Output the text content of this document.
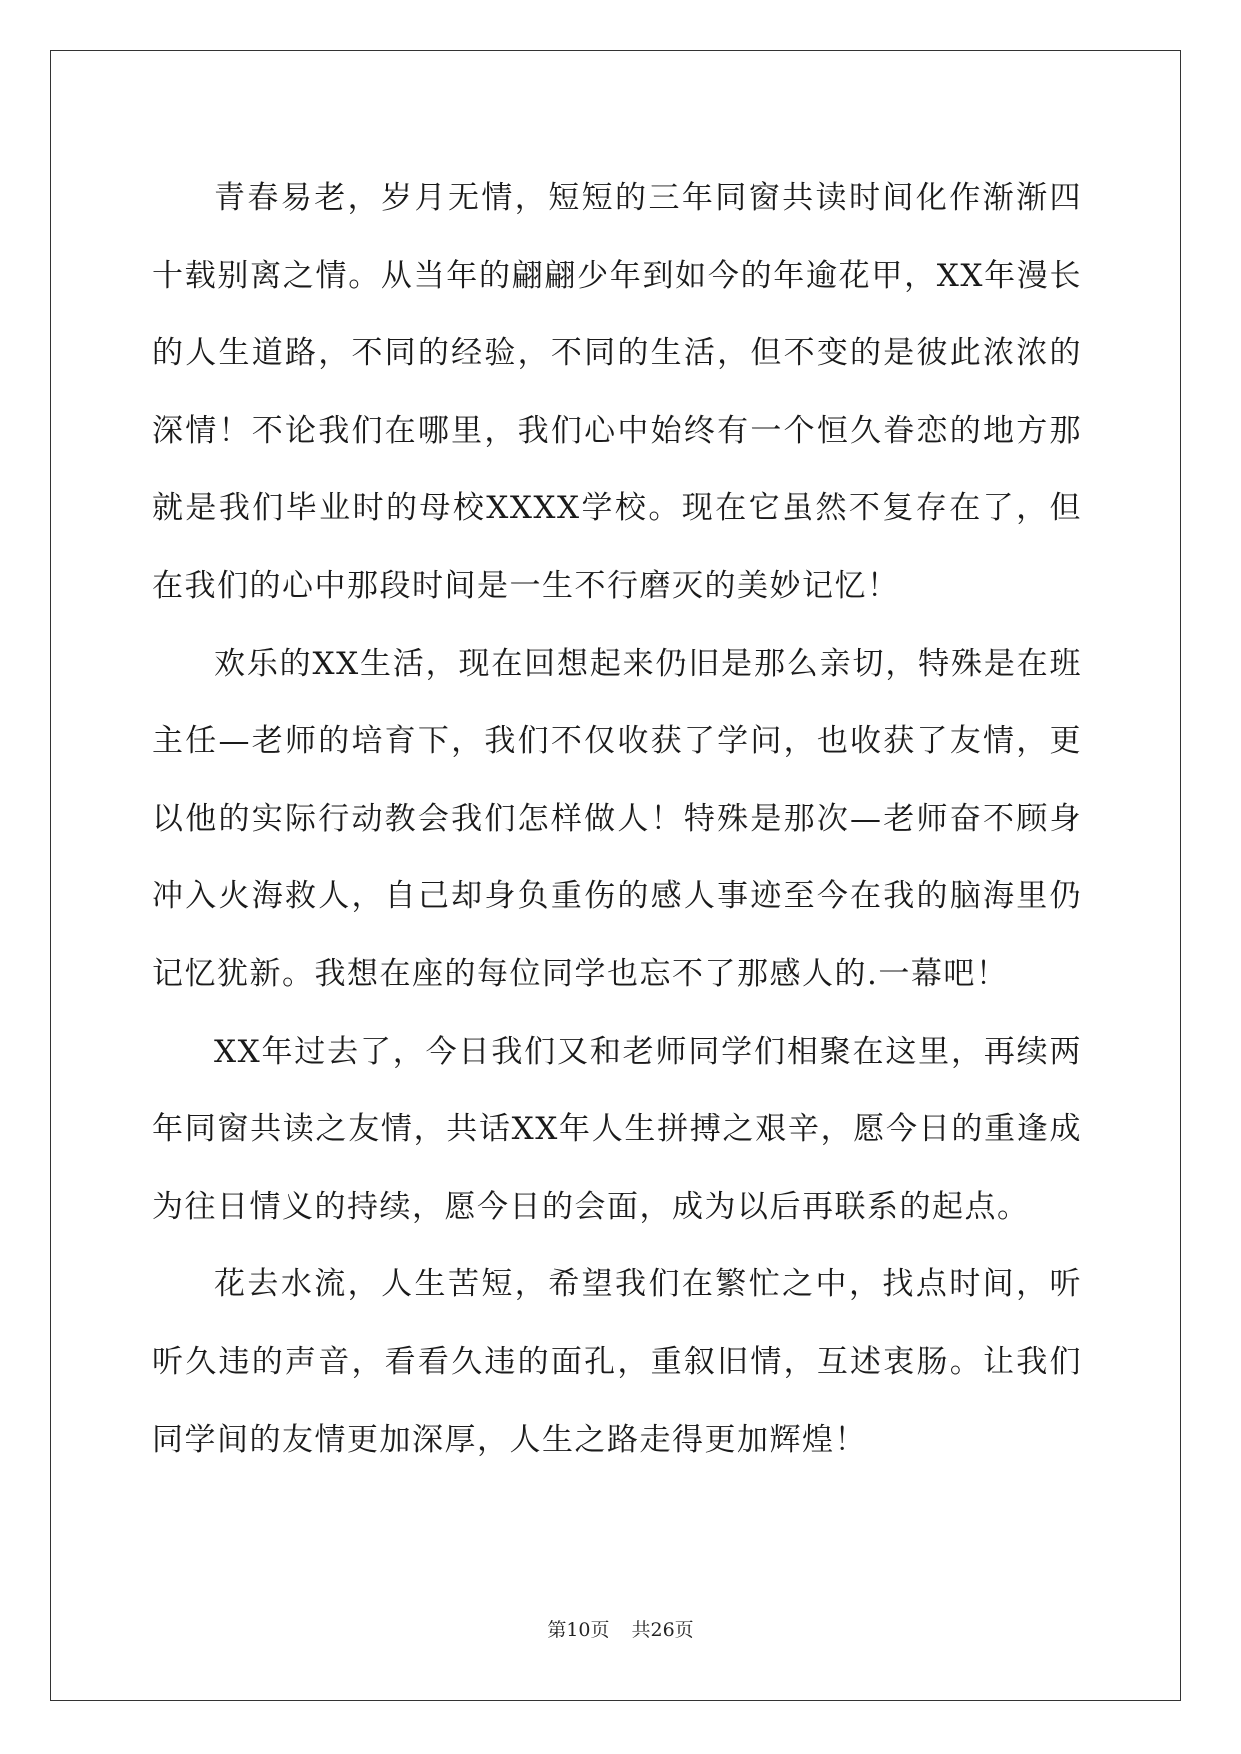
青春易老，岁月无情，短短的三年同窗共读时间化作渐渐四十载别离之情。从当年的翩翩少年到如今的年逾花甲，XX年漫长的人生道路，不同的经验，不同的生活，但不变的是彼此浓浓的深情！不论我们在哪里，我们心中始终有一个恒久眷恋的地方那就是我们毕业时的母校XXXX学校。现在它虽然不复存在了，但在我们的心中那段时间是一生不行磨灭的美妙记忆！

欢乐的XX生活，现在回想起来仍旧是那么亲切，特殊是在班主任—老师的培育下，我们不仅收获了学问，也收获了友情，更以他的实际行动教会我们怎样做人！特殊是那次—老师奋不顾身冲入火海救人，自己却身负重伤的感人事迹至今在我的脑海里仍记忆犹新。我想在座的每位同学也忘不了那感人的.一幕吧！

XX年过去了，今日我们又和老师同学们相聚在这里，再续两年同窗共读之友情，共话XX年人生拼搏之艰辛，愿今日的重逢成为往日情义的持续，愿今日的会面，成为以后再联系的起点。

花去水流，人生苦短，希望我们在繁忙之中，找点时间，听听久违的声音，看看久违的面孔，重叙旧情，互述衷肠。让我们同学间的友情更加深厚，人生之路走得更加辉煌！

第10页 共26页
